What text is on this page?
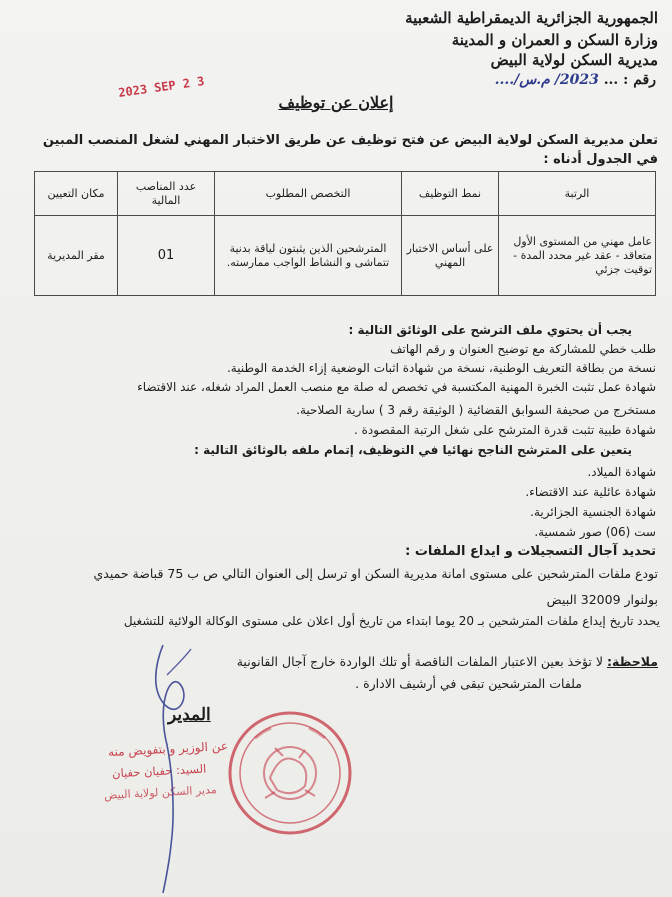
الجمهورية الجزائرية الديمقراطية الشعبية
وزارة السكن و العمران و المدينة
مديرية السكن لولاية البيض
رقم : ... 2023/ م.س/....
2023 SEP 2 3
إعلان عن توظيف
تعلن مديرية السكن لولاية البيض عن فتح توظيف عن طريق الاختبار المهني لشغل المنصب المبين
في الجدول أدناه :
الرتبة	نمط التوظيف	التخصص المطلوب	عدد المناصب المالية	مكان التعيين
عامل مهني من المستوى الأول متعاقد - عقد غير محدد المدة - توقيت جزئي	على أساس الاختبار المهني	المترشحين الذين يثبتون لياقة بدنية تتماشى و النشاط الواجب ممارسته.	01	مقر المديرية
يجب أن يحتوي ملف الترشح على الوثائق التالية :
طلب خطي للمشاركة مع توضيح العنوان و رقم الهاتف
نسخة من بطاقة التعريف الوطنية، نسخة من شهادة اثبات الوضعية إزاء الخدمة الوطنية.
شهادة عمل تثبت الخبرة المهنية المكتسبة في تخصص له صلة مع منصب العمل المراد شغله، عند الاقتضاء
مستخرج من صحيفة السوابق القضائية ( الوثيقة رقم 3 ) سارية الصلاحية.
شهادة طبية تثبت قدرة المترشح على شغل الرتبة المقصودة .
يتعين على المترشح الناجح نهائيا في التوظيف، إتمام ملفه بالوثائق التالية :
شهادة الميلاد.
شهادة عائلية عند الاقتضاء.
شهادة الجنسية الجزائرية.
ست (06) صور شمسية.
تحديد آجال التسجيلات و ايداع الملفات :
تودع ملفات المترشحين على مستوى امانة مديرية السكن او ترسل إلى العنوان التالي ص ب 75 قباضة حميدي
بولنوار 32009 البيض
يحدد تاريخ إيداع ملفات المترشحين بـ 20 يوما ابتداء من تاريخ أول اعلان على مستوى الوكالة الولائية للتشغيل
ملاحظة: لا تؤخذ بعين الاعتبار الملفات الناقصة أو تلك الواردة خارج آجال القانونية
ملفات المترشحين تبقى في أرشيف الادارة .
المدير
عن الوزير و بتفويض منه
السيد: حفيان حفيان
مدير السكن لولاية البيض
